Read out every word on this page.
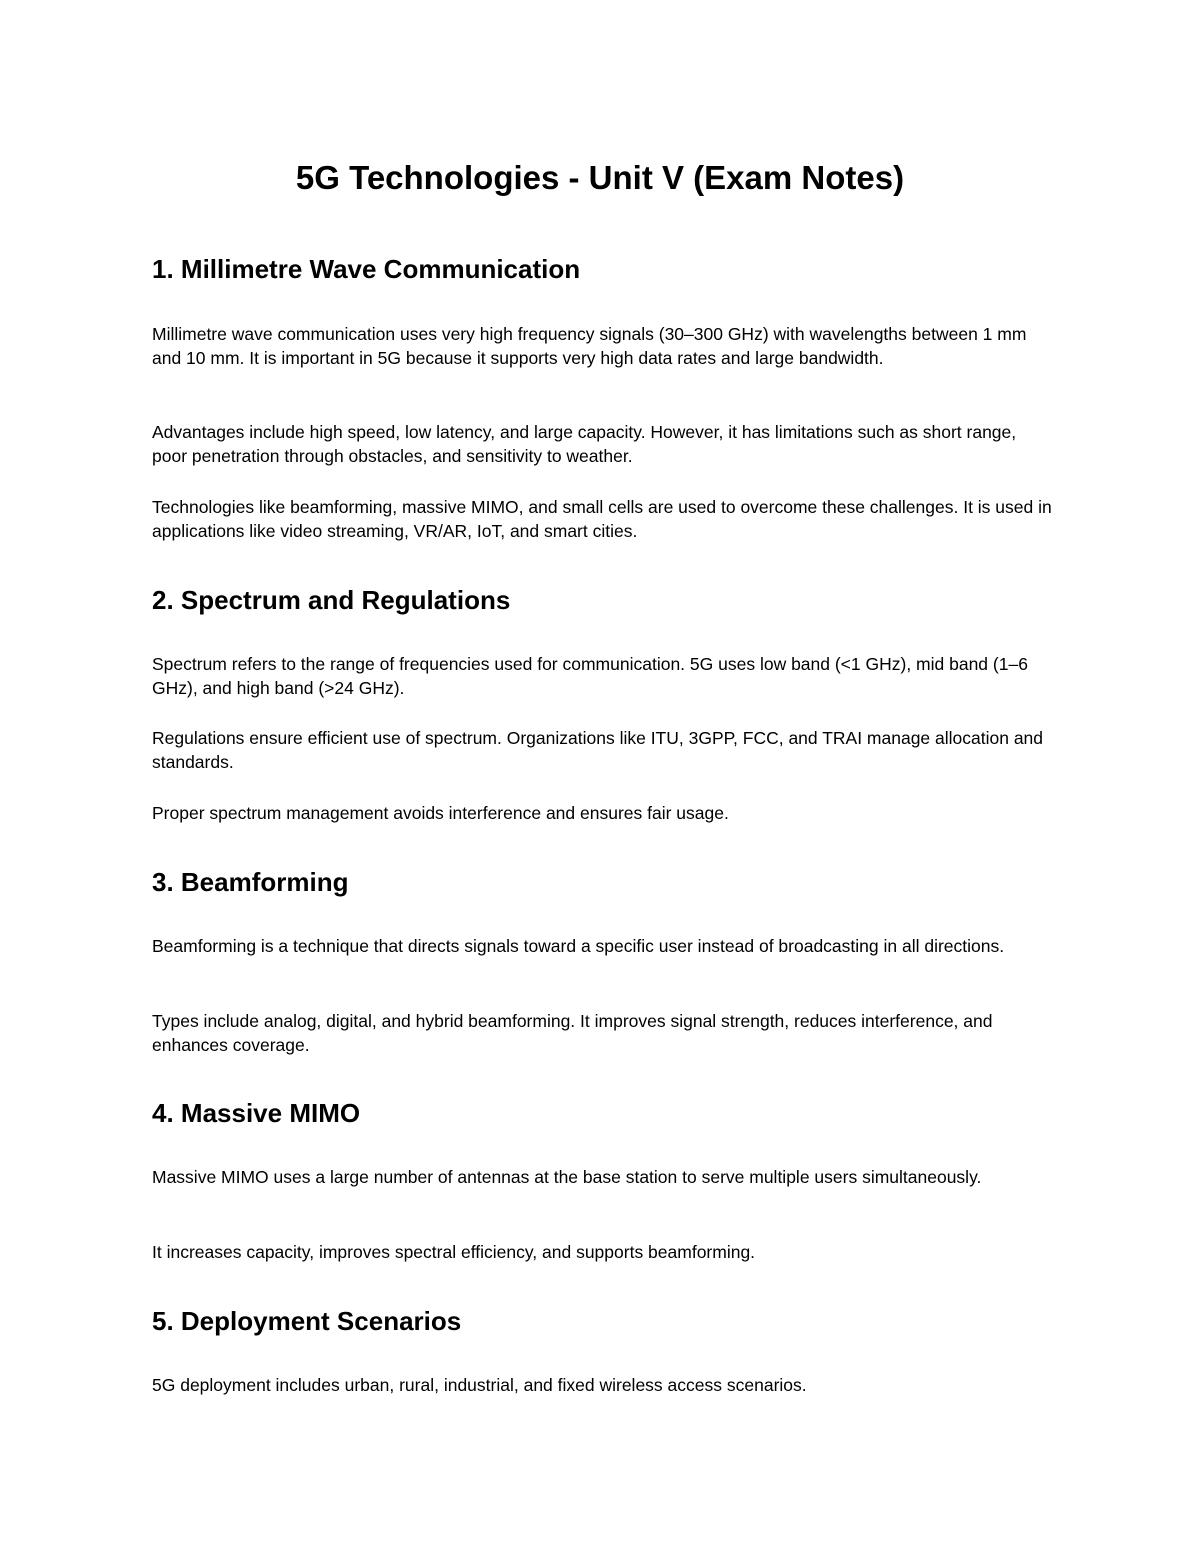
5G Technologies - Unit V (Exam Notes)
1. Millimetre Wave Communication

Millimetre wave communication uses very high frequency signals (30–300 GHz) with wavelengths between 1 mm and 10 mm. It is important in 5G because it supports very high data rates and large bandwidth.

Advantages include high speed, low latency, and large capacity. However, it has limitations such as short range, poor penetration through obstacles, and sensitivity to weather.

Technologies like beamforming, massive MIMO, and small cells are used to overcome these challenges. It is used in applications like video streaming, VR/AR, IoT, and smart cities.

2. Spectrum and Regulations

Spectrum refers to the range of frequencies used for communication. 5G uses low band (<1 GHz), mid band (1–6 GHz), and high band (>24 GHz).

Regulations ensure efficient use of spectrum. Organizations like ITU, 3GPP, FCC, and TRAI manage allocation and standards.

Proper spectrum management avoids interference and ensures fair usage.

3. Beamforming

Beamforming is a technique that directs signals toward a specific user instead of broadcasting in all directions.

Types include analog, digital, and hybrid beamforming. It improves signal strength, reduces interference, and enhances coverage.

4. Massive MIMO

Massive MIMO uses a large number of antennas at the base station to serve multiple users simultaneously.

It increases capacity, improves spectral efficiency, and supports beamforming.

5. Deployment Scenarios

5G deployment includes urban, rural, industrial, and fixed wireless access scenarios.
